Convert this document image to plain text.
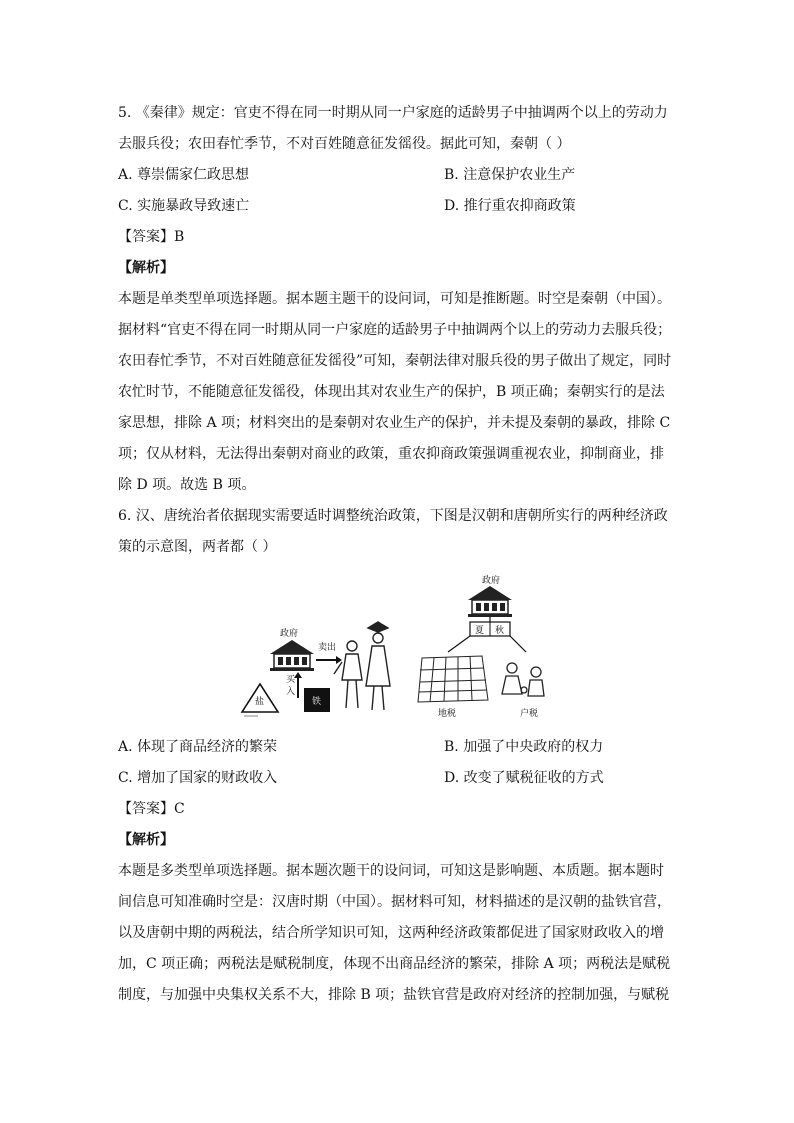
5. 《秦律》规定：官吏不得在同一时期从同一户家庭的适龄男子中抽调两个以上的劳动力
去服兵役；农田春忙季节，不对百姓随意征发徭役。据此可知，秦朝（ ）
A. 尊崇儒家仁政思想	B. 注意保护农业生产
C. 实施暴政导致速亡	D. 推行重农抑商政策
【答案】B
【解析】
本题是单类型单项选择题。据本题主题干的设问词，可知是推断题。时空是秦朝（中国）。
据材料“官吏不得在同一时期从同一户家庭的适龄男子中抽调两个以上的劳动力去服兵役；
农田春忙季节，不对百姓随意征发徭役”可知，秦朝法律对服兵役的男子做出了规定，同时
农忙时节，不能随意征发徭役，体现出其对农业生产的保护，B 项正确；秦朝实行的是法
家思想，排除 A 项；材料突出的是秦朝对农业生产的保护，并未提及秦朝的暴政，排除 C
项；仅从材料，无法得出秦朝对商业的政策，重农抑商政策强调重视农业，抑制商业，排
除 D 项。故选 B 项。
6. 汉、唐统治者依据现实需要适时调整统治政策，下图是汉朝和唐朝所实行的两种经济政
策的示意图，两者都（ ）
政府
卖出
买
入
盐	铁
政府
夏 秋
地税	户税
A. 体现了商品经济的繁荣	B. 加强了中央政府的权力
C. 增加了国家的财政收入	D. 改变了赋税征收的方式
【答案】C
【解析】
本题是多类型单项选择题。据本题次题干的设问词，可知这是影响题、本质题。据本题时
间信息可知准确时空是：汉唐时期（中国）。据材料可知，材料描述的是汉朝的盐铁官营，
以及唐朝中期的两税法，结合所学知识可知，这两种经济政策都促进了国家财政收入的增
加，C 项正确；两税法是赋税制度，体现不出商品经济的繁荣，排除 A 项；两税法是赋税
制度，与加强中央集权关系不大，排除 B 项；盐铁官营是政府对经济的控制加强，与赋税
